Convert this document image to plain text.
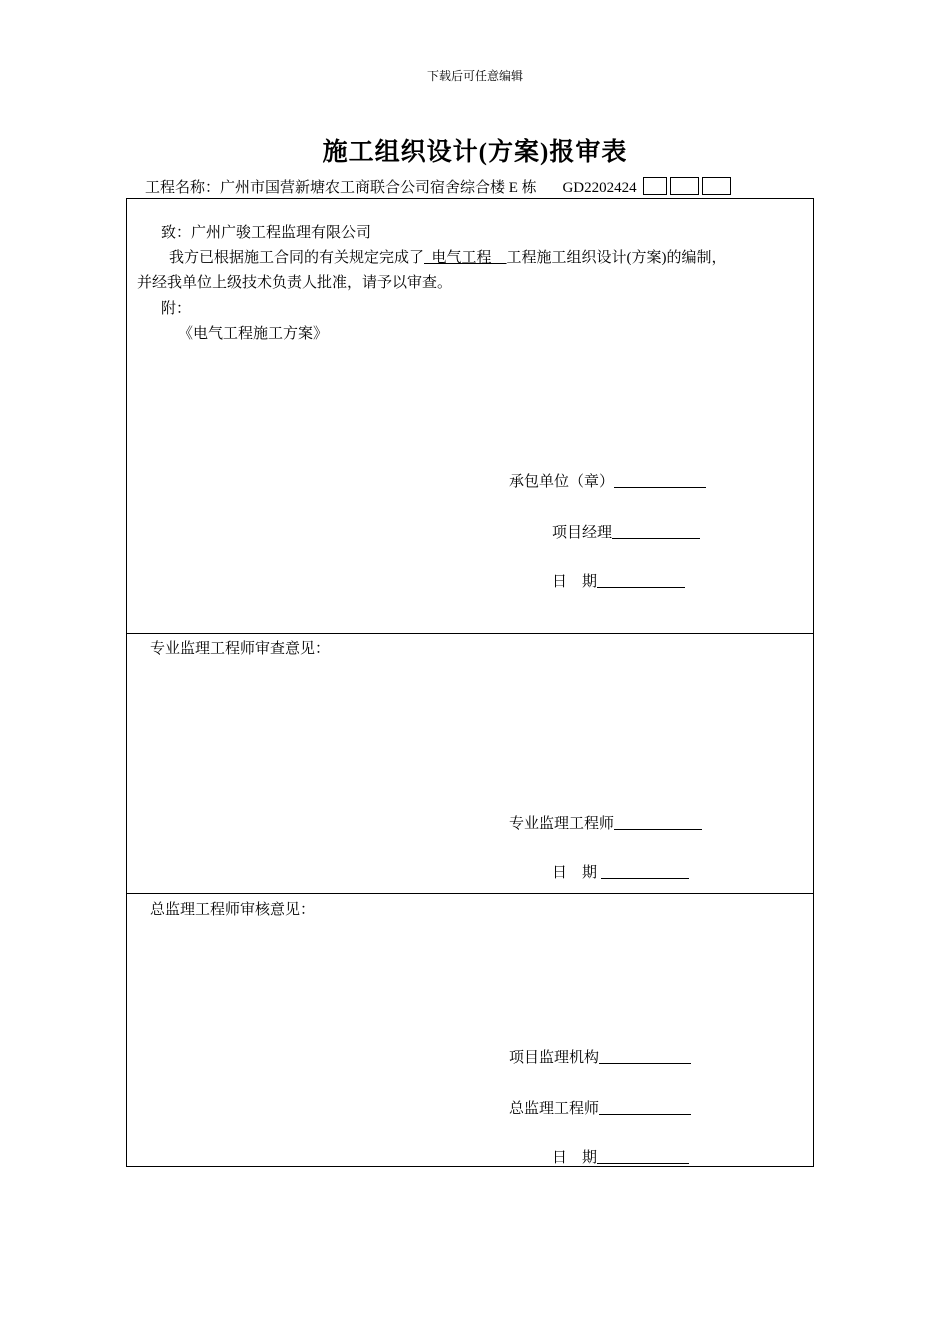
下载后可任意编辑
施工组织设计(方案)报审表
工程名称：广州市国营新塘农工商联合公司宿舍综合楼 E 栋 GD2202424
致：广州广骏工程监理有限公司
我方已根据施工合同的有关规定完成了  电气工程    工程施工组织设计(方案)的编制，
并经我单位上级技术负责人批准，请予以审查。
附：
《电气工程施工方案》
承包单位（章）
项目经理
日　期
专业监理工程师审查意见：
专业监理工程师
日　期
总监理工程师审核意见：
项目监理机构
总监理工程师
日　期
